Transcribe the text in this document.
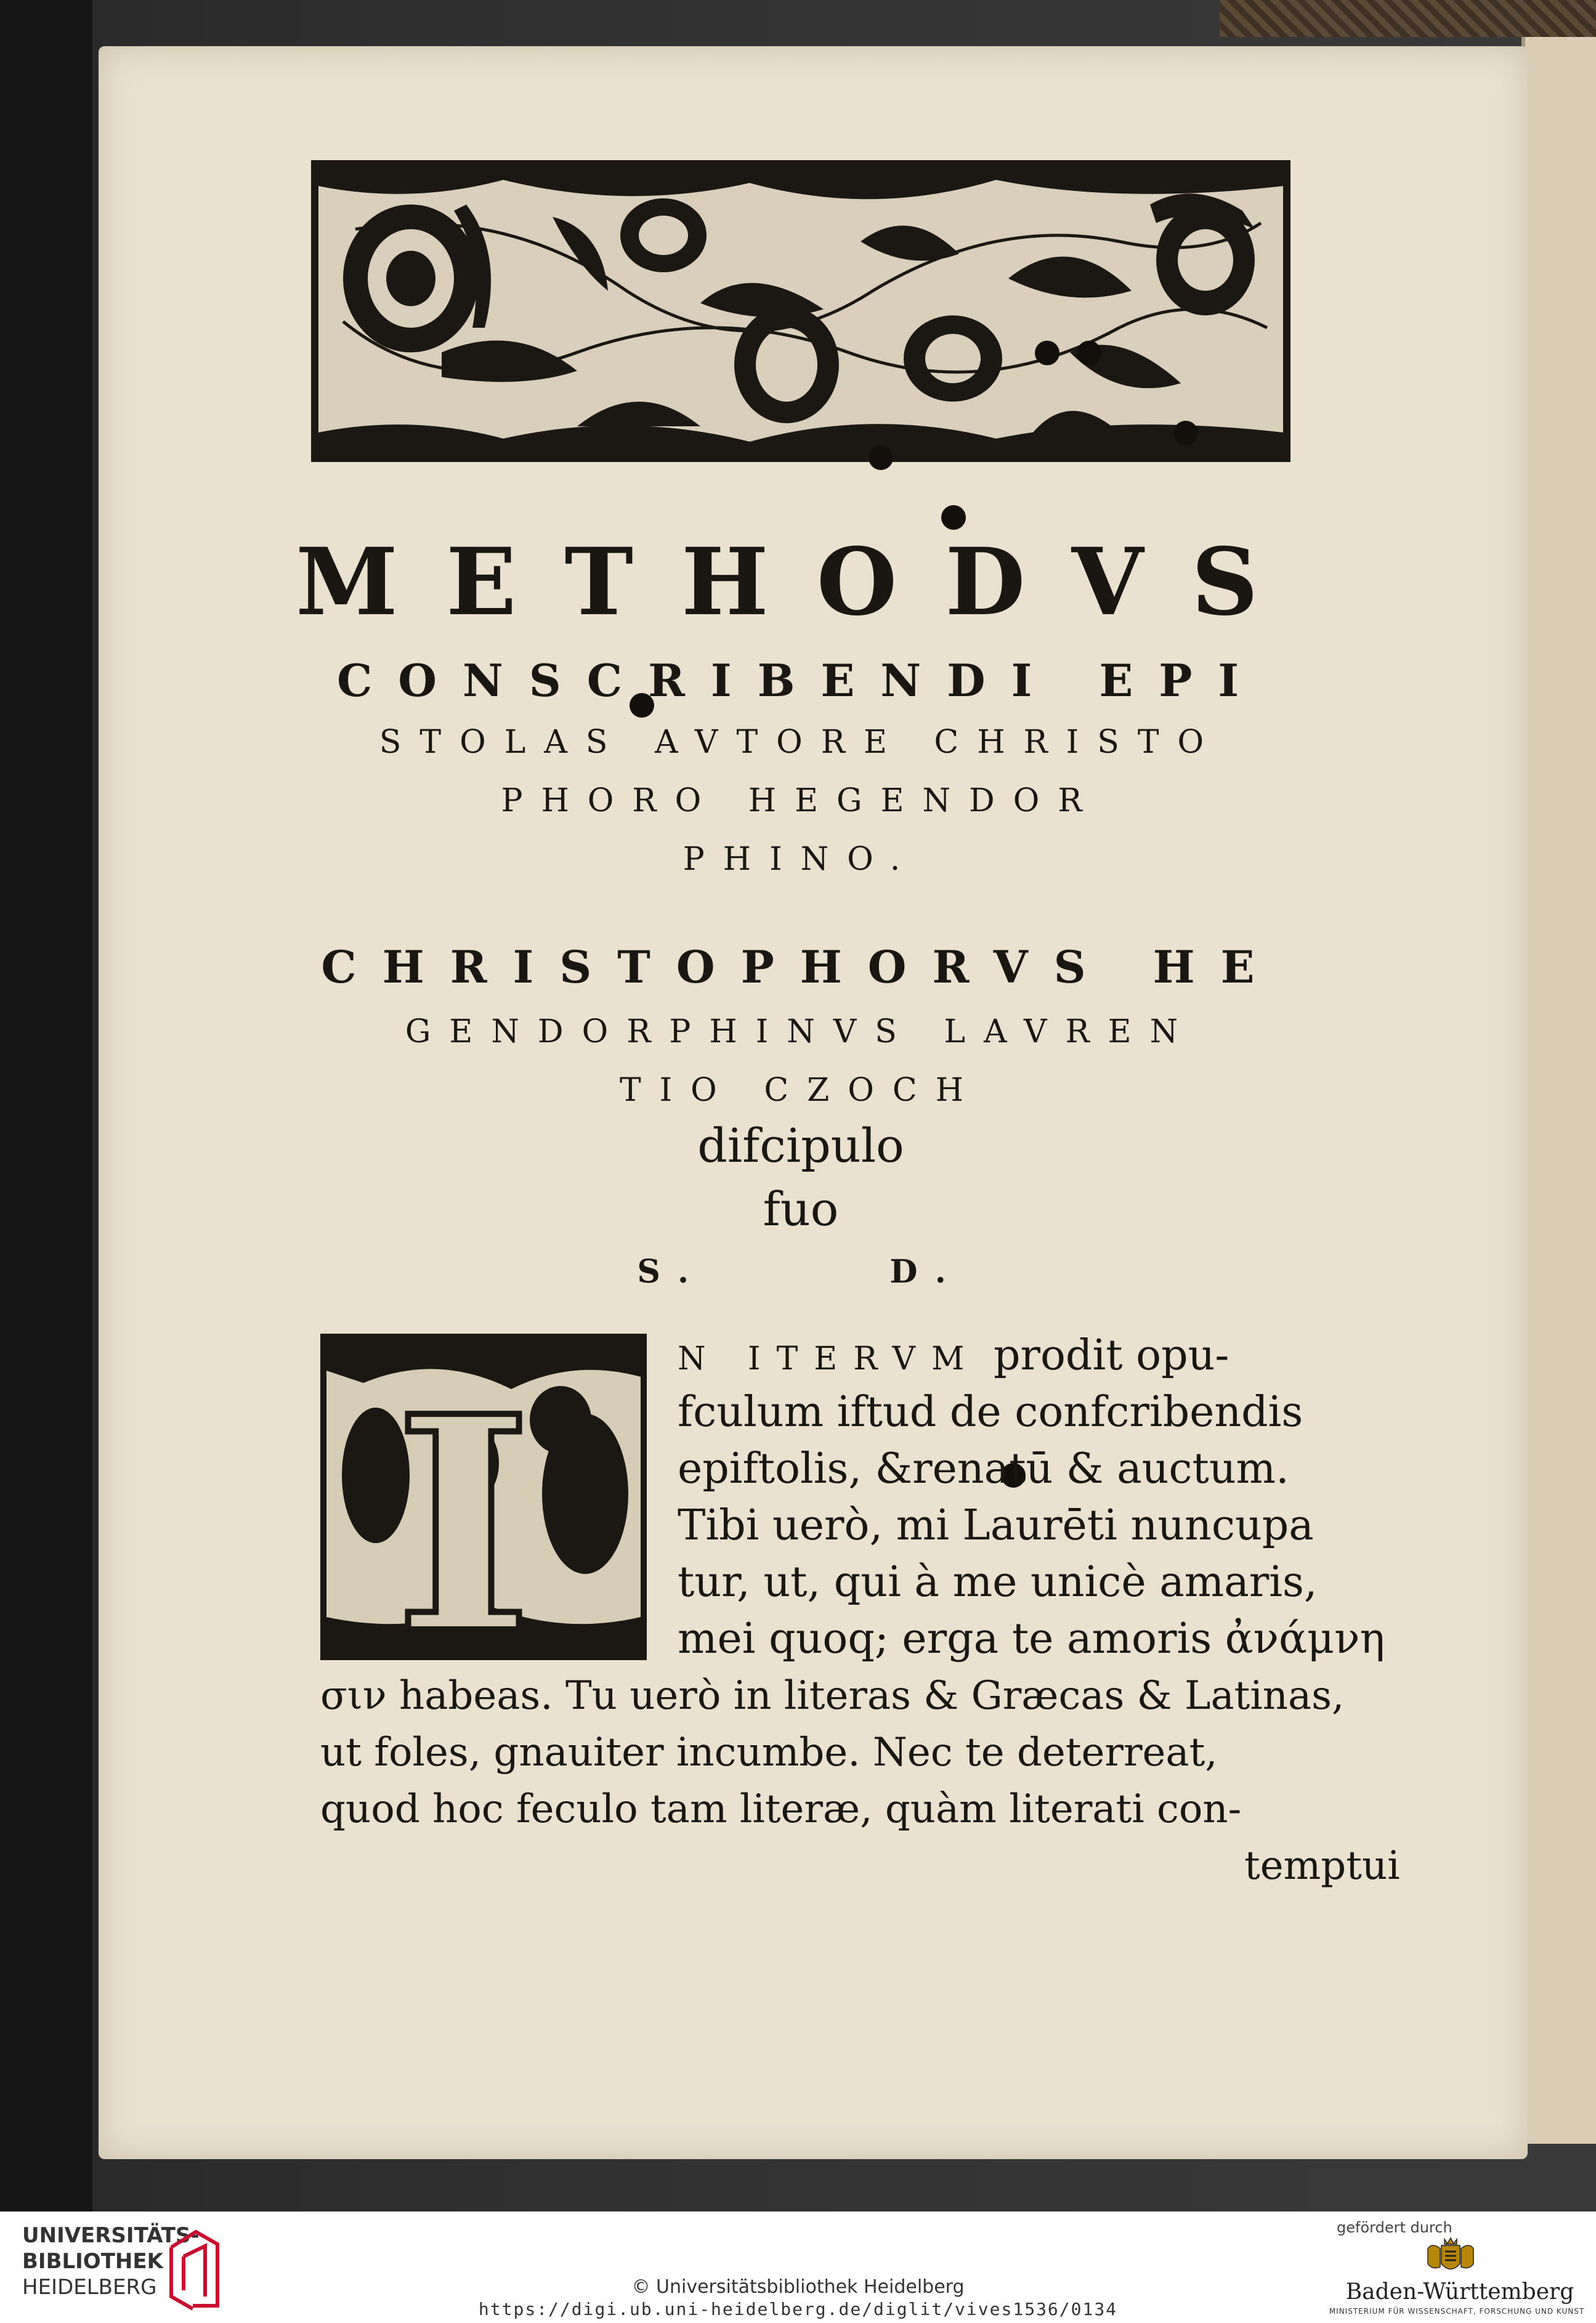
METHODVS
CONSCRIBENDI EPI
STOLAS AVTORE CHRISTO
PHORO HEGENDOR
PHINO.
CHRISTOPHORVS HE
GENDORPHINVS LAVREN
TIO CZOCH
difcipulo
fuo
S.	D.
I	N ITERVM prodit opu-
fculum iftud de confcribendis
epiftolis, &renatū & auctum.
Tibi uerò, mi Laurēti nuncupa
tur, ut, qui à me unicè amaris,
mei quoq; erga te amoris ἀνάμνη
σιν habeas. Tu uerò in literas & Græcas & Latinas,
ut foles, gnauiter incumbe. Nec te deterreat,
quod hoc feculo tam literæ, quàm literati con-
temptui
UNIVERSITÄTS-
BIBLIOTHEK
HEIDELBERG	© Universitätsbibliothek Heidelberg
https://digi.ub.uni-heidelberg.de/diglit/vives1536/0134
gefördert durch
Baden-Württemberg
MINISTERIUM FÜR WISSENSCHAFT, FORSCHUNG UND KUNST
